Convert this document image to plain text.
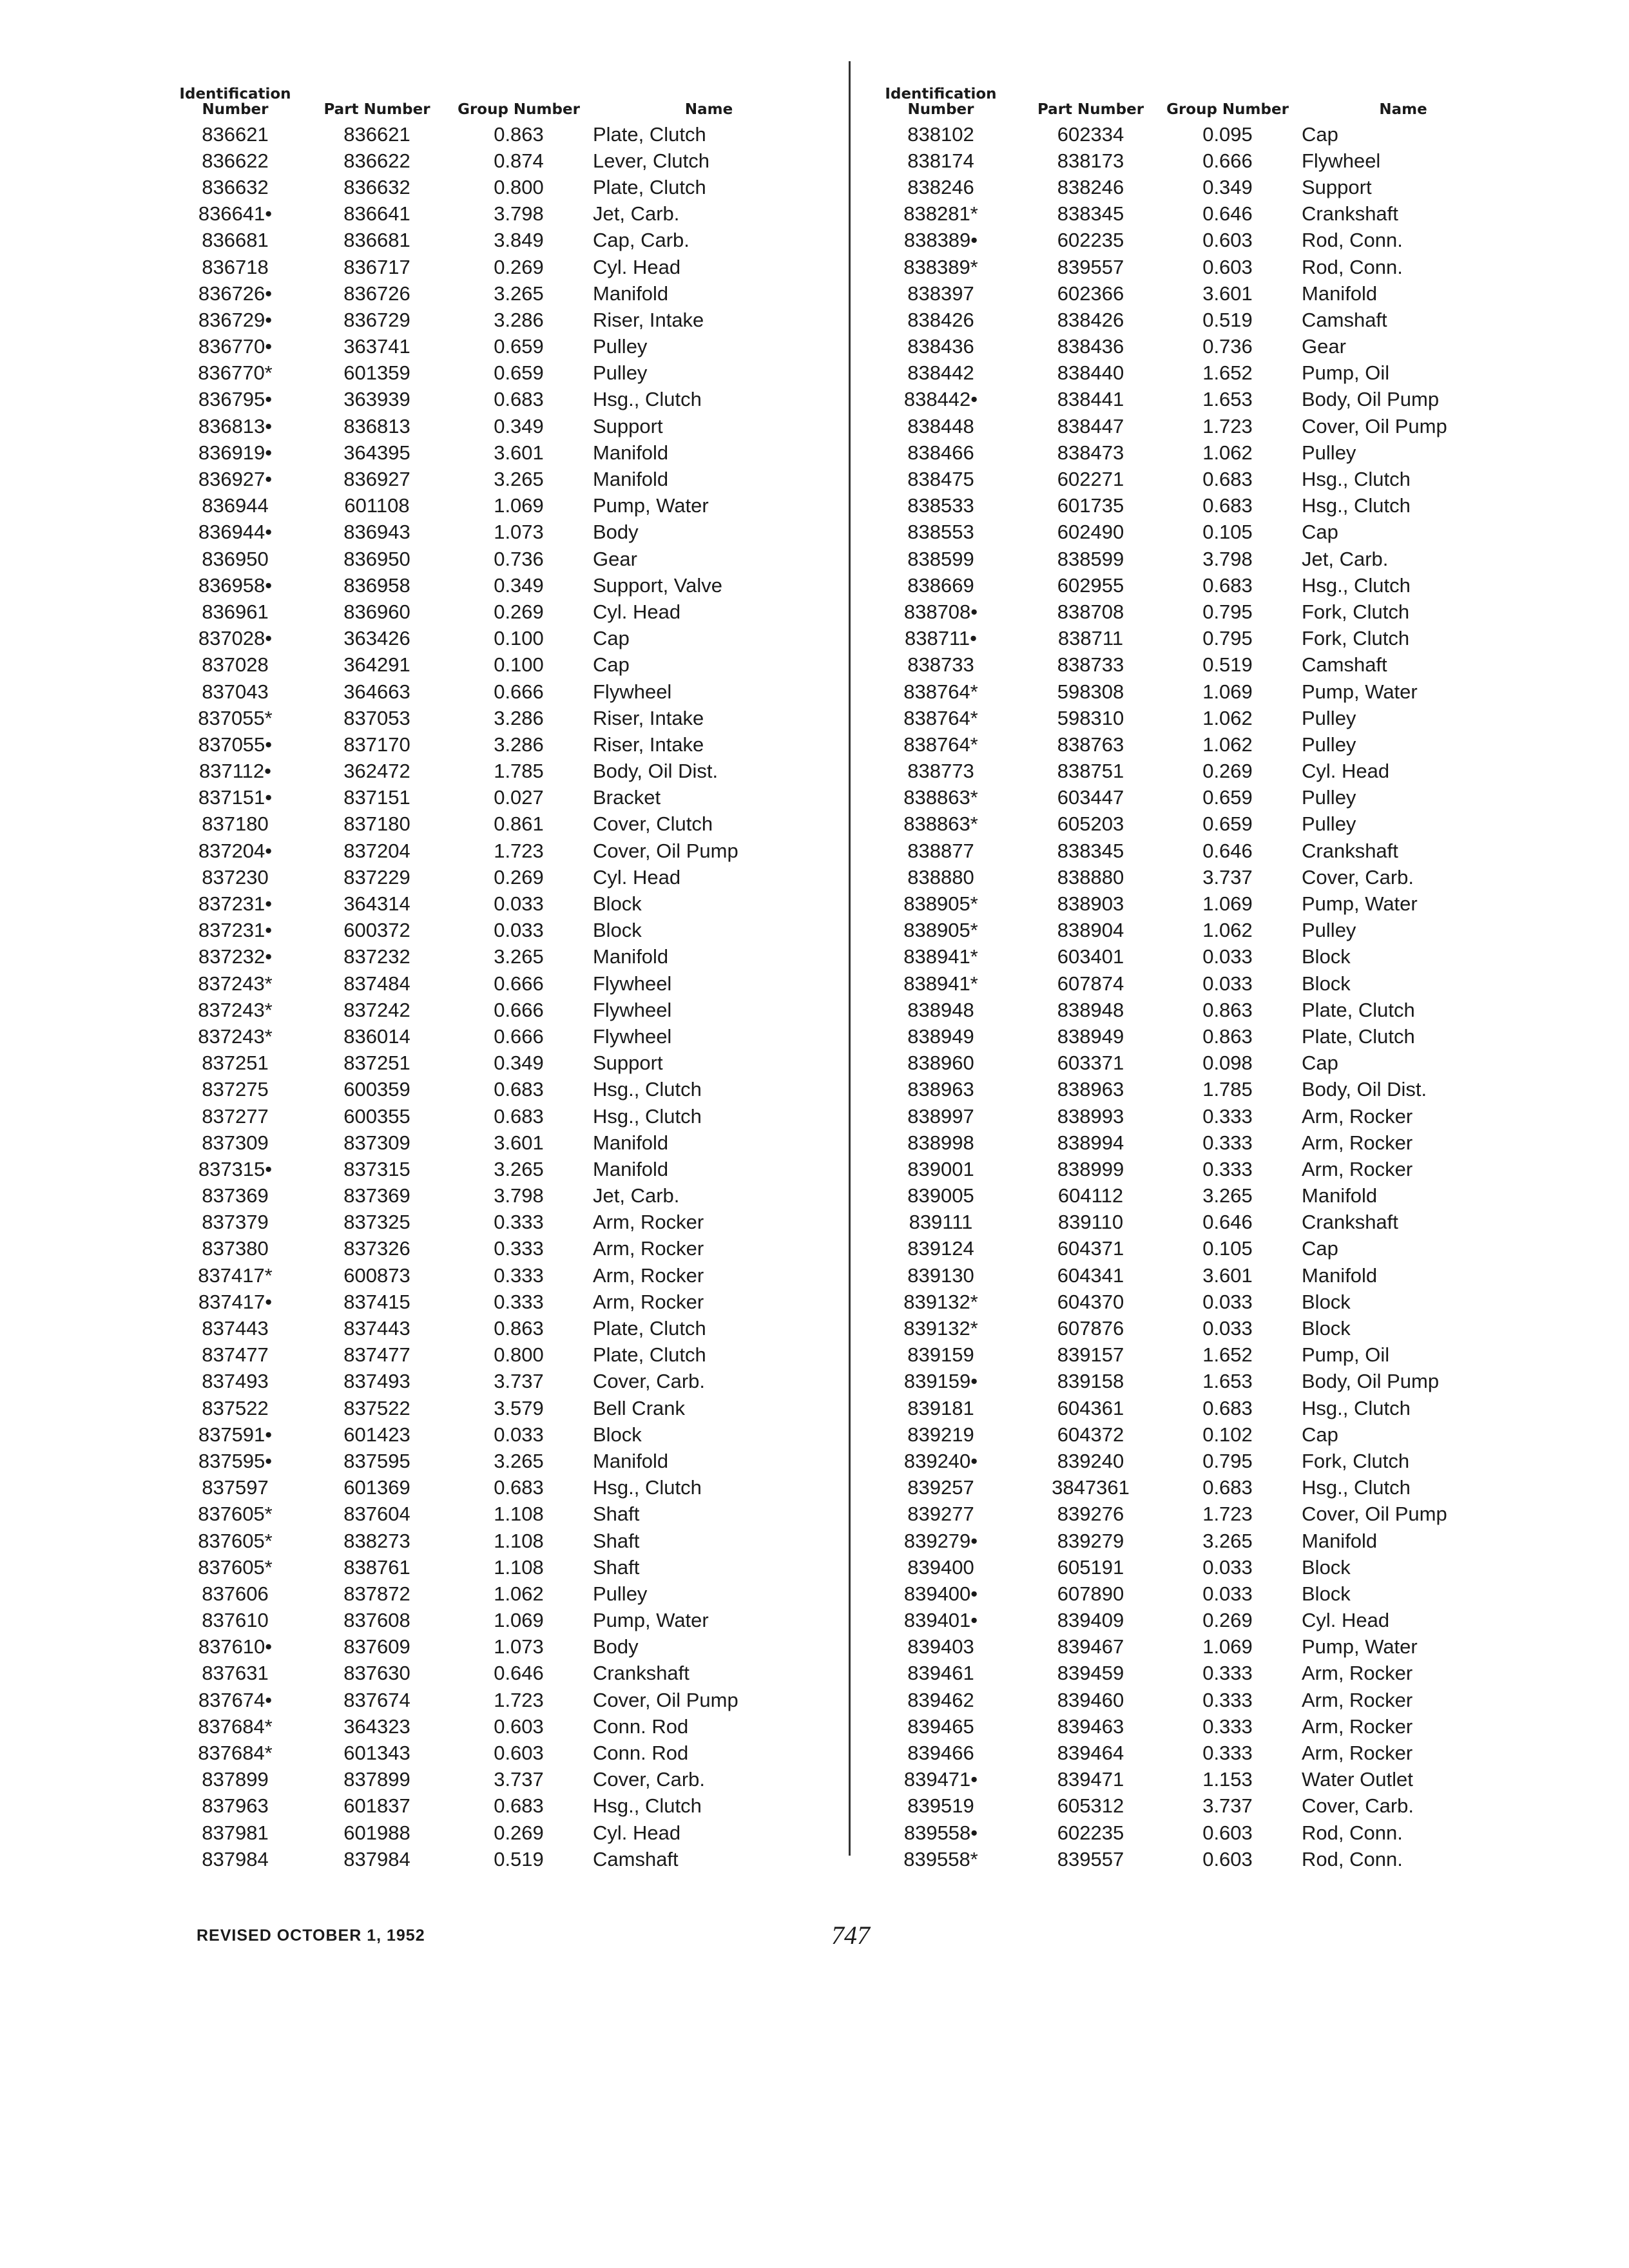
Identification Number	Part Number	Group Number	Name
836621	836621	0.863	Plate, Clutch
836622	836622	0.874	Lever, Clutch
836632	836632	0.800	Plate, Clutch
836641•	836641	3.798	Jet, Carb.
836681	836681	3.849	Cap, Carb.
836718	836717	0.269	Cyl. Head
836726•	836726	3.265	Manifold
836729•	836729	3.286	Riser, Intake
836770•	363741	0.659	Pulley
836770*	601359	0.659	Pulley
836795•	363939	0.683	Hsg., Clutch
836813•	836813	0.349	Support
836919•	364395	3.601	Manifold
836927•	836927	3.265	Manifold
836944	601108	1.069	Pump, Water
836944•	836943	1.073	Body
836950	836950	0.736	Gear
836958•	836958	0.349	Support, Valve
836961	836960	0.269	Cyl. Head
837028•	363426	0.100	Cap
837028	364291	0.100	Cap
837043	364663	0.666	Flywheel
837055*	837053	3.286	Riser, Intake
837055•	837170	3.286	Riser, Intake
837112•	362472	1.785	Body, Oil Dist.
837151•	837151	0.027	Bracket
837180	837180	0.861	Cover, Clutch
837204•	837204	1.723	Cover, Oil Pump
837230	837229	0.269	Cyl. Head
837231•	364314	0.033	Block
837231•	600372	0.033	Block
837232•	837232	3.265	Manifold
837243*	837484	0.666	Flywheel
837243*	837242	0.666	Flywheel
837243*	836014	0.666	Flywheel
837251	837251	0.349	Support
837275	600359	0.683	Hsg., Clutch
837277	600355	0.683	Hsg., Clutch
837309	837309	3.601	Manifold
837315•	837315	3.265	Manifold
837369	837369	3.798	Jet, Carb.
837379	837325	0.333	Arm, Rocker
837380	837326	0.333	Arm, Rocker
837417*	600873	0.333	Arm, Rocker
837417•	837415	0.333	Arm, Rocker
837443	837443	0.863	Plate, Clutch
837477	837477	0.800	Plate, Clutch
837493	837493	3.737	Cover, Carb.
837522	837522	3.579	Bell Crank
837591•	601423	0.033	Block
837595•	837595	3.265	Manifold
837597	601369	0.683	Hsg., Clutch
837605*	837604	1.108	Shaft
837605*	838273	1.108	Shaft
837605*	838761	1.108	Shaft
837606	837872	1.062	Pulley
837610	837608	1.069	Pump, Water
837610•	837609	1.073	Body
837631	837630	0.646	Crankshaft
837674•	837674	1.723	Cover, Oil Pump
837684*	364323	0.603	Conn. Rod
837684*	601343	0.603	Conn. Rod
837899	837899	3.737	Cover, Carb.
837963	601837	0.683	Hsg., Clutch
837981	601988	0.269	Cyl. Head
837984	837984	0.519	Camshaft
Identification Number	Part Number	Group Number	Name
838102	602334	0.095	Cap
838174	838173	0.666	Flywheel
838246	838246	0.349	Support
838281*	838345	0.646	Crankshaft
838389•	602235	0.603	Rod, Conn.
838389*	839557	0.603	Rod, Conn.
838397	602366	3.601	Manifold
838426	838426	0.519	Camshaft
838436	838436	0.736	Gear
838442	838440	1.652	Pump, Oil
838442•	838441	1.653	Body, Oil Pump
838448	838447	1.723	Cover, Oil Pump
838466	838473	1.062	Pulley
838475	602271	0.683	Hsg., Clutch
838533	601735	0.683	Hsg., Clutch
838553	602490	0.105	Cap
838599	838599	3.798	Jet, Carb.
838669	602955	0.683	Hsg., Clutch
838708•	838708	0.795	Fork, Clutch
838711•	838711	0.795	Fork, Clutch
838733	838733	0.519	Camshaft
838764*	598308	1.069	Pump, Water
838764*	598310	1.062	Pulley
838764*	838763	1.062	Pulley
838773	838751	0.269	Cyl. Head
838863*	603447	0.659	Pulley
838863*	605203	0.659	Pulley
838877	838345	0.646	Crankshaft
838880	838880	3.737	Cover, Carb.
838905*	838903	1.069	Pump, Water
838905*	838904	1.062	Pulley
838941*	603401	0.033	Block
838941*	607874	0.033	Block
838948	838948	0.863	Plate, Clutch
838949	838949	0.863	Plate, Clutch
838960	603371	0.098	Cap
838963	838963	1.785	Body, Oil Dist.
838997	838993	0.333	Arm, Rocker
838998	838994	0.333	Arm, Rocker
839001	838999	0.333	Arm, Rocker
839005	604112	3.265	Manifold
839111	839110	0.646	Crankshaft
839124	604371	0.105	Cap
839130	604341	3.601	Manifold
839132*	604370	0.033	Block
839132*	607876	0.033	Block
839159	839157	1.652	Pump, Oil
839159•	839158	1.653	Body, Oil Pump
839181	604361	0.683	Hsg., Clutch
839219	604372	0.102	Cap
839240•	839240	0.795	Fork, Clutch
839257	3847361	0.683	Hsg., Clutch
839277	839276	1.723	Cover, Oil Pump
839279•	839279	3.265	Manifold
839400	605191	0.033	Block
839400•	607890	0.033	Block
839401•	839409	0.269	Cyl. Head
839403	839467	1.069	Pump, Water
839461	839459	0.333	Arm, Rocker
839462	839460	0.333	Arm, Rocker
839465	839463	0.333	Arm, Rocker
839466	839464	0.333	Arm, Rocker
839471•	839471	1.153	Water Outlet
839519	605312	3.737	Cover, Carb.
839558•	602235	0.603	Rod, Conn.
839558*	839557	0.603	Rod, Conn.
REVISED OCTOBER 1, 1952	747
